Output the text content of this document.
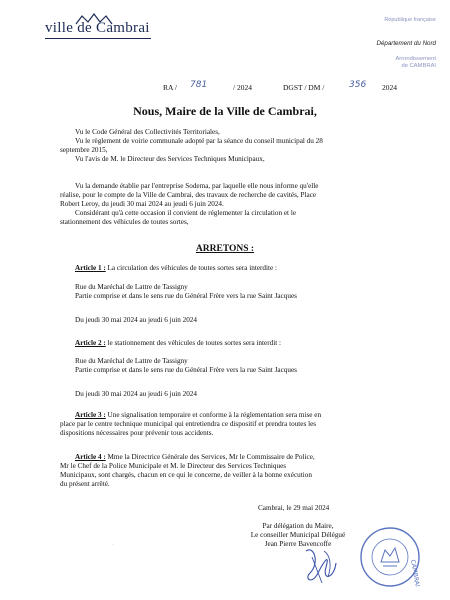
ville de Cambrai	République française
Département du Nord
Arrondissement
de CAMBRAI
RA / 781	/ 2024	DGST / DM /	356 2024
Nous, Maire de la Ville de Cambrai,
Vu le Code Général des Collectivités Territoriales,
Vu le règlement de voirie communale adopté par la séance du conseil municipal du 28
septembre 2015,
Vu l'avis de M. le Directeur des Services Techniques Municipaux,
Vu la demande établie par l'entreprise Sodema, par laquelle elle nous informe qu'elle
réalise, pour le compte de la Ville de Cambrai, des travaux de recherche de cavités, Place
Robert Leroy, du jeudi 30 mai 2024 au jeudi 6 juin 2024.
Considérant qu'à cette occasion il convient de réglementer la circulation et le
stationnement des véhicules de toutes sortes,
ARRETONS :
Article 1 : La circulation des véhicules de toutes sortes sera interdite :
Rue du Maréchal de Lattre de Tassigny
Partie comprise et dans le sens rue du Général Frère vers la rue Saint Jacques
Du jeudi 30 mai 2024 au jeudi 6 juin 2024
Article 2 : le stationnement des véhicules de toutes sortes sera interdit :
Rue du Maréchal de Lattre de Tassigny
Partie comprise et dans le sens rue du Général Frère vers la rue Saint Jacques
Du jeudi 30 mai 2024 au jeudi 6 juin 2024
Article 3 : Une signalisation temporaire et conforme à la réglementation sera mise en
place par le centre technique municipal qui entretiendra ce dispositif et prendra toutes les
dispositions nécessaires pour prévenir tous accidents.
Article 4 : Mme la Directrice Générale des Services, Mr le Commissaire de Police,
Mr le Chef de la Police Municipale et M. le Directeur des Services Techniques
Municipaux, sont chargés, chacun en ce qui le concerne, de veiller à la bonne exécution
du présent arrêté.
Cambrai, le 29 mai 2024
Par délégation du Maire,
Le conseiller Municipal Délégué
Jean Pierre Bavencoffe
·
CAMBRAI
